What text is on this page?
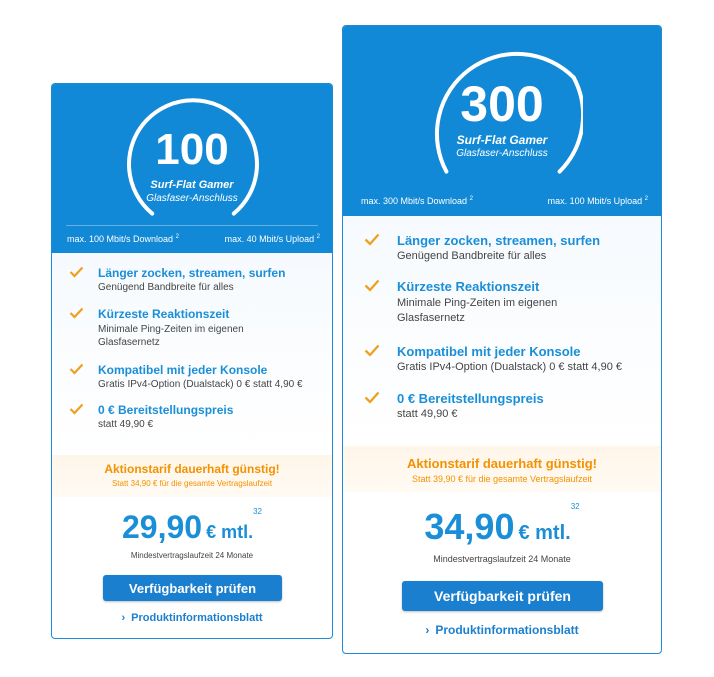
100
Surf-Flat Gamer
Glasfaser-Anschluss
max. 100 Mbit/s Download $^2$	max. 40 Mbit/s Upload $^2$
Länger zocken, streamen, surfen
Genügend Bandbreite für alles
Kürzeste Reaktionszeit
Minimale Ping-Zeiten im eigenen Glasfasernetz
Kompatibel mit jeder Konsole
Gratis IPv4-Option (Dualstack) 0 € statt 4,90 €
0 € Bereitstellungspreis
statt 49,90 €
Aktionstarif dauerhaft günstig!
Statt 34,90 € für die gesamte Vertragslaufzeit
29,90 € mtl.$^{32}$
Mindestvertragslaufzeit 24 Monate
Verfügbarkeit prüfen
› Produktinformationsblatt
300
Surf-Flat Gamer
Glasfaser-Anschluss
max. 300 Mbit/s Download $^2$	max. 100 Mbit/s Upload $^2$
Länger zocken, streamen, surfen
Genügend Bandbreite für alles
Kürzeste Reaktionszeit
Minimale Ping-Zeiten im eigenen Glasfasernetz
Kompatibel mit jeder Konsole
Gratis IPv4-Option (Dualstack) 0 € statt 4,90 €
0 € Bereitstellungspreis
statt 49,90 €
Aktionstarif dauerhaft günstig!
Statt 39,90 € für die gesamte Vertragslaufzeit
34,90 € mtl.$^{32}$
Mindestvertragslaufzeit 24 Monate
Verfügbarkeit prüfen
› Produktinformationsblatt
